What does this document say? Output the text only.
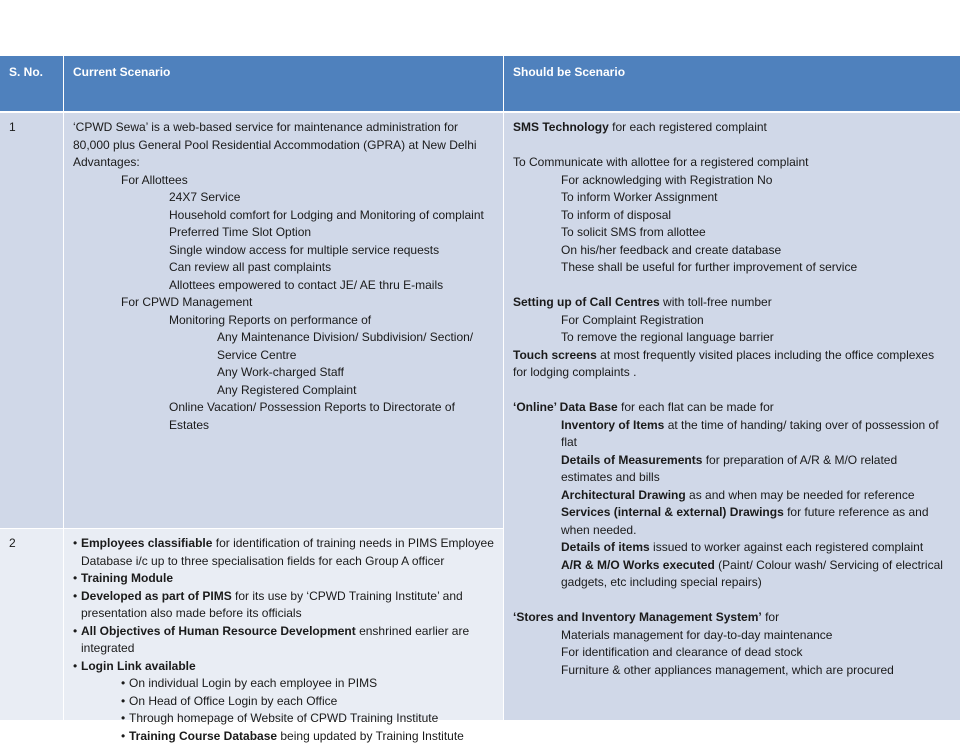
S. No.	Current Scenario	Should be Scenario
1	‘CPWD Sewa’ is a web-based service for maintenance administration for 80,000 plus General Pool Residential Accommodation (GPRA) at New Delhi
Advantages:
For Allottees
24X7 Service
Household comfort for Lodging and Monitoring of complaint
Preferred Time Slot Option
Single window access for multiple service requests
Can review all past complaints
Allottees empowered to contact JE/ AE thru E-mails
For CPWD Management
Monitoring Reports on performance of
Any Maintenance Division/ Subdivision/ Section/ Service Centre
Any Work-charged Staff
Any Registered Complaint
Online Vacation/ Possession Reports to Directorate of Estates
2
•	Employees classifiable for identification of training needs in PIMS Employee Database i/c up to three specialisation fields for each Group A officer
• Training Module
• Developed as part of PIMS for its use by ‘CPWD Training Institute’ and presentation also made before its officials
• All Objectives of Human Resource Development enshrined earlier are integrated
• Login Link available
• On individual Login by each employee in PIMS
• On Head of Office Login by each Office
• Through homepage of Website of CPWD Training Institute
• Training Course Database being updated by Training Institute
SMS Technology for each registered complaint
To Communicate with allottee for a registered complaint
For acknowledging with Registration No
To inform Worker Assignment
To inform of disposal
To solicit SMS from allottee
On his/her feedback and create database
These shall be useful for further improvement of service
Setting up of Call Centres with toll-free number
For Complaint Registration
To remove the regional language barrier
Touch screens at most frequently visited places including the office complexes for lodging complaints .
‘Online’ Data Base for each flat can be made for
Inventory of Items at the time of handing/ taking over of possession of flat
Details of Measurements for preparation of A/R & M/O related estimates and bills
Architectural Drawing as and when may be needed for reference
Services (internal & external) Drawings for future reference as and when needed.
Details of items issued to worker against each registered complaint
A/R & M/O Works executed (Paint/ Colour wash/ Servicing of electrical gadgets, etc including special repairs)
‘Stores and Inventory Management System’ for
Materials management for day-to-day maintenance
For identification and clearance of dead stock
Furniture & other appliances management, which are procured
